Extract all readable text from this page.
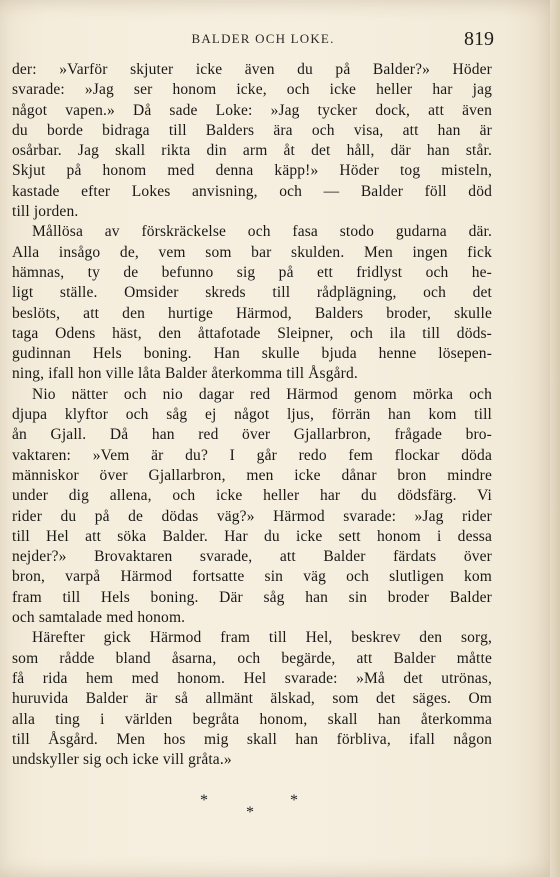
BALDER OCH LOKE.	819
der: »Varför skjuter icke även du på Balder?» Höder
svarade: »Jag ser honom icke, och icke heller har jag
något vapen.» Då sade Loke: »Jag tycker dock, att även
du borde bidraga till Balders ära och visa, att han är
osårbar. Jag skall rikta din arm åt det håll, där han står.
Skjut på honom med denna käpp!» Höder tog misteln,
kastade efter Lokes anvisning, och — Balder föll död
till jorden.
Mållösa av förskräckelse och fasa stodo gudarna där.
Alla insågo de, vem som bar skulden. Men ingen fick
hämnas, ty de befunno sig på ett fridlyst och he-
ligt ställe. Omsider skreds till rådplägning, och det
beslöts, att den hurtige Härmod, Balders broder, skulle
taga Odens häst, den åttafotade Sleipner, och ila till döds-
gudinnan Hels boning. Han skulle bjuda henne lösepen-
ning, ifall hon ville låta Balder återkomma till Åsgård.
Nio nätter och nio dagar red Härmod genom mörka och
djupa klyftor och såg ej något ljus, förrän han kom till
ån Gjall. Då han red över Gjallarbron, frågade bro-
vaktaren: »Vem är du? I går redo fem flockar döda
människor över Gjallarbron, men icke dånar bron mindre
under dig allena, och icke heller har du dödsfärg. Vi
rider du på de dödas väg?» Härmod svarade: »Jag rider
till Hel att söka Balder. Har du icke sett honom i dessa
nejder?» Brovaktaren svarade, att Balder färdats över
bron, varpå Härmod fortsatte sin väg och slutligen kom
fram till Hels boning. Där såg han sin broder Balder
och samtalade med honom.
Härefter gick Härmod fram till Hel, beskrev den sorg,
som rådde bland åsarna, och begärde, att Balder måtte
få rida hem med honom. Hel svarade: »Må det utrönas,
huruvida Balder är så allmänt älskad, som det säges. Om
alla ting i världen begråta honom, skall han återkomma
till Åsgård. Men hos mig skall han förbliva, ifall någon
undskyller sig och icke vill gråta.»
*
*
*
